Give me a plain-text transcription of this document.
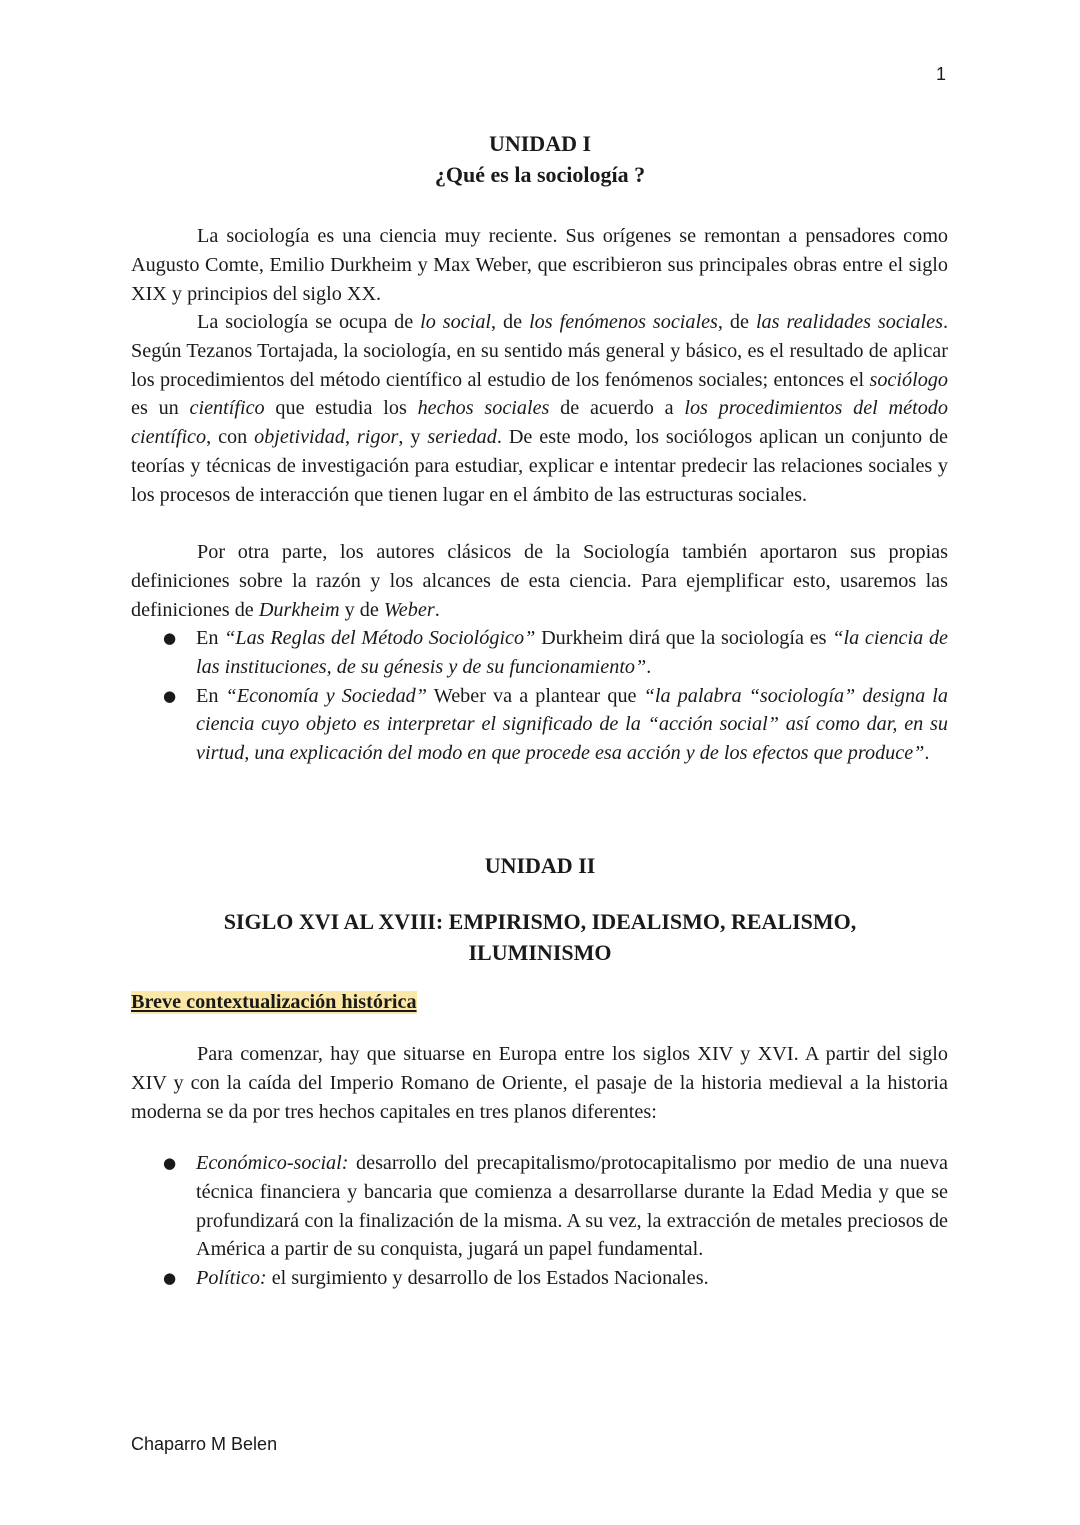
1
UNIDAD I
¿Qué es la sociología ?

La sociología es una ciencia muy reciente. Sus orígenes se remontan a pensadores como Augusto Comte, Emilio Durkheim y Max Weber, que escribieron sus principales obras entre el siglo XIX y principios del siglo XX.

La sociología se ocupa de lo social, de los fenómenos sociales, de las realidades sociales. Según Tezanos Tortajada, la sociología, en su sentido más general y básico, es el resultado de aplicar los procedimientos del método científico al estudio de los fenómenos sociales; entonces el sociólogo es un científico que estudia los hechos sociales de acuerdo a los procedimientos del método científico, con objetividad, rigor, y seriedad. De este modo, los sociólogos aplican un conjunto de teorías y técnicas de investigación para estudiar, explicar e intentar predecir las relaciones sociales y los procesos de interacción que tienen lugar en el ámbito de las estructuras sociales.

Por otra parte, los autores clásicos de la Sociología también aportaron sus propias definiciones sobre la razón y los alcances de esta ciencia. Para ejemplificar esto, usaremos las definiciones de Durkheim y de Weber.

● En “Las Reglas del Método Sociológico” Durkheim dirá que la sociología es “la ciencia de las instituciones, de su génesis y de su funcionamiento”.
● En “Economía y Sociedad” Weber va a plantear que “la palabra “sociología” designa la ciencia cuyo objeto es interpretar el significado de la “acción social” así como dar, en su virtud, una explicación del modo en que procede esa acción y de los efectos que produce”.
UNIDAD II
SIGLO XVI AL XVIII: EMPIRISMO, IDEALISMO, REALISMO, ILUMINISMO
Breve contextualización histórica

Para comenzar, hay que situarse en Europa entre los siglos XIV y XVI. A partir del siglo XIV y con la caída del Imperio Romano de Oriente, el pasaje de la historia medieval a la historia moderna se da por tres hechos capitales en tres planos diferentes:

● Económico-social: desarrollo del precapitalismo/protocapitalismo por medio de una nueva técnica financiera y bancaria que comienza a desarrollarse durante la Edad Media y que se profundizará con la finalización de la misma. A su vez, la extracción de metales preciosos de América a partir de su conquista, jugará un papel fundamental.
● Político: el surgimiento y desarrollo de los Estados Nacionales.
Chaparro M Belen
